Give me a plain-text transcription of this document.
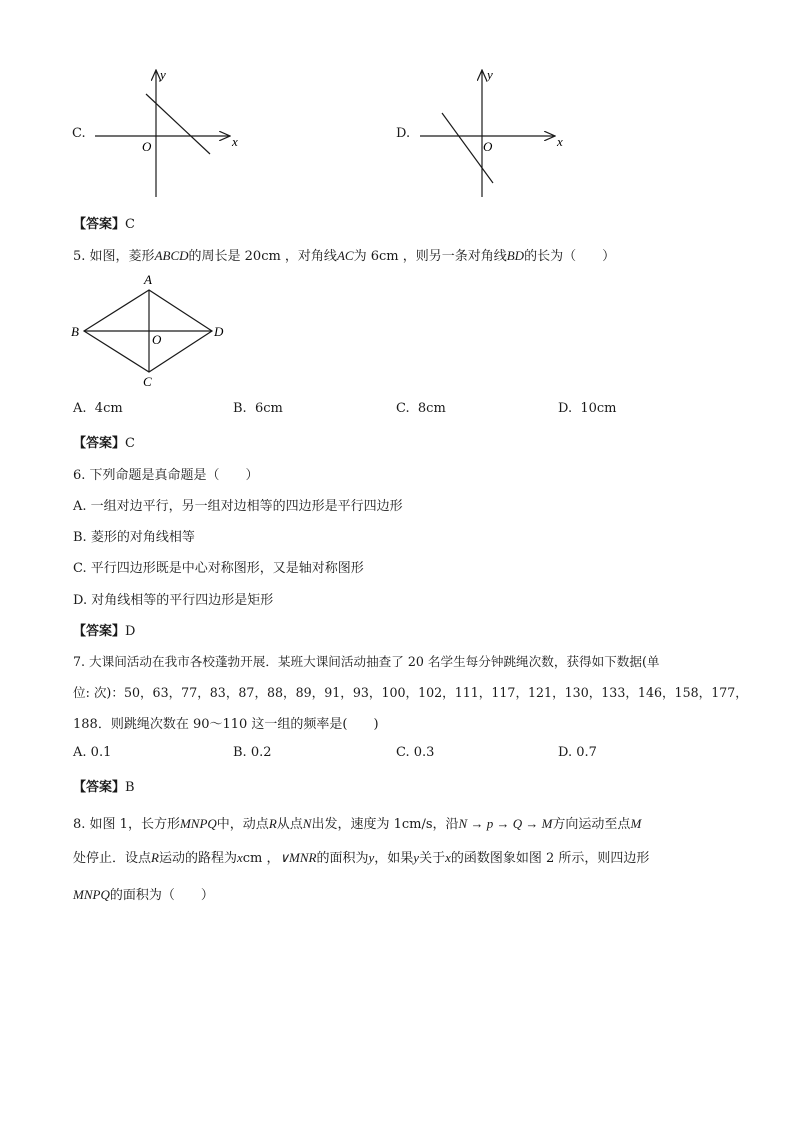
C.
x
y
O
D.
x
y
O
【答案】C
5. 如图，菱形ABCD的周长是 20cm ，对角线AC为 6cm ，则另一条对角线BD的长为（　　）
A
B
C
D
O
A. 4cm	B. 6cm	C. 8cm	D. 10cm
【答案】C
6. 下列命题是真命题是（　　）
A. 一组对边平行，另一组对边相等的四边形是平行四边形
B. 菱形的对角线相等
C. 平行四边形既是中心对称图形，又是轴对称图形
D. 对角线相等的平行四边形是矩形
【答案】D
7. 大课间活动在我市各校蓬勃开展．某班大课间活动抽查了 20 名学生每分钟跳绳次数，获得如下数据(单
位: 次)：50，63，77，83，87，88，89，91，93，100，102，111，117，121，130，133，146，158，177，
188．则跳绳次数在 90～110 这一组的频率是(　　)
A. 0.1	B. 0.2	C. 0.3	D. 0.7
【答案】B
8. 如图 1，长方形MNPQ中，动点R从点N出发，速度为 1cm/s，沿N → p → Q → M方向运动至点M
处停止．设点R运动的路程为xcm ，∨MNR的面积为y，如果y关于x的函数图象如图 2 所示，则四边形
MNPQ的面积为（　　）
